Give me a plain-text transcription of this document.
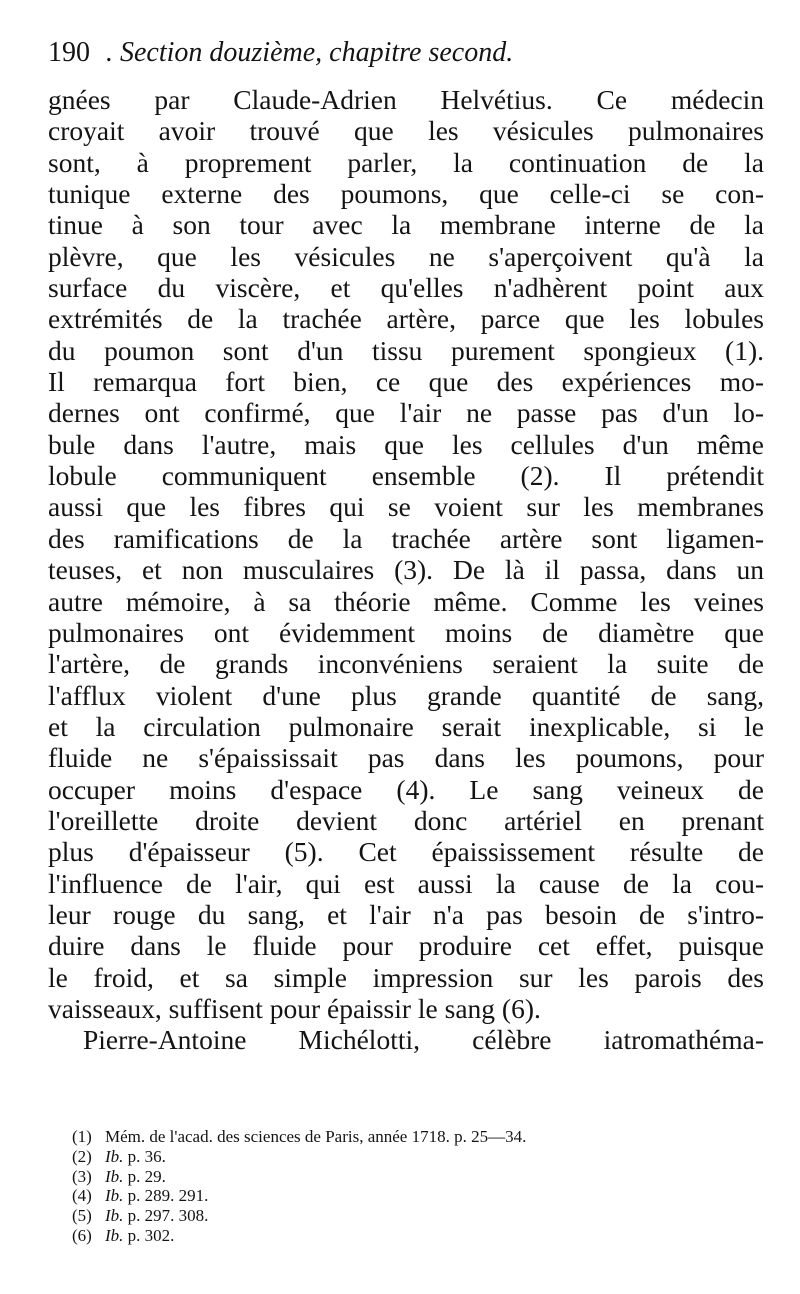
190 . Section douzième, chapitre second.
gnées par Claude-Adrien Helvétius. Ce médecin
croyait avoir trouvé que les vésicules pulmonaires
sont, à proprement parler, la continuation de la
tunique externe des poumons, que celle-ci se con-
tinue à son tour avec la membrane interne de la
plèvre, que les vésicules ne s'aperçoivent qu'à la
surface du viscère, et qu'elles n'adhèrent point aux
extrémités de la trachée artère, parce que les lobules
du poumon sont d'un tissu purement spongieux (1).
Il remarqua fort bien, ce que des expériences mo-
dernes ont confirmé, que l'air ne passe pas d'un lo-
bule dans l'autre, mais que les cellules d'un même
lobule communiquent ensemble (2). Il prétendit
aussi que les fibres qui se voient sur les membranes
des ramifications de la trachée artère sont ligamen-
teuses, et non musculaires (3). De là il passa, dans un
autre mémoire, à sa théorie même. Comme les veines
pulmonaires ont évidemment moins de diamètre que
l'artère, de grands inconvéniens seraient la suite de
l'afflux violent d'une plus grande quantité de sang,
et la circulation pulmonaire serait inexplicable, si le
fluide ne s'épaississait pas dans les poumons, pour
occuper moins d'espace (4). Le sang veineux de
l'oreillette droite devient donc artériel en prenant
plus d'épaisseur (5). Cet épaississement résulte de
l'influence de l'air, qui est aussi la cause de la cou-
leur rouge du sang, et l'air n'a pas besoin de s'intro-
duire dans le fluide pour produire cet effet, puisque
le froid, et sa simple impression sur les parois des
vaisseaux, suffisent pour épaissir le sang (6).
Pierre-Antoine Michélotti, célèbre iatromathéma-
(1) Mém. de l'acad. des sciences de Paris, année 1718. p. 25—34.
(2) Ib. p. 36.
(3) Ib. p. 29.
(4) Ib. p. 289. 291.
(5) Ib. p. 297. 308.
(6) Ib. p. 302.
